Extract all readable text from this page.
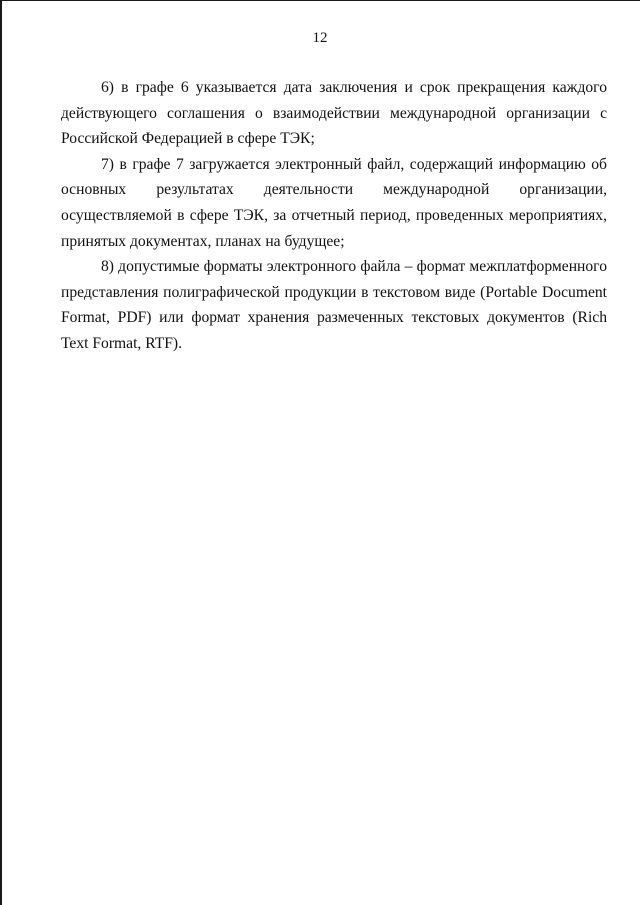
12

6) в графе 6 указывается дата заключения и срок прекращения каждого действующего соглашения о взаимодействии международной организации с Российской Федерацией в сфере ТЭК;

7) в графе 7 загружается электронный файл, содержащий информацию об основных результатах деятельности международной организации, осуществляемой в сфере ТЭК, за отчетный период, проведенных мероприятиях, принятых документах, планах на будущее;

8) допустимые форматы электронного файла – формат межплатформенного представления полиграфической продукции в текстовом виде (Portable Document Format, PDF) или формат хранения размеченных текстовых документов (Rich Text Format, RTF).
